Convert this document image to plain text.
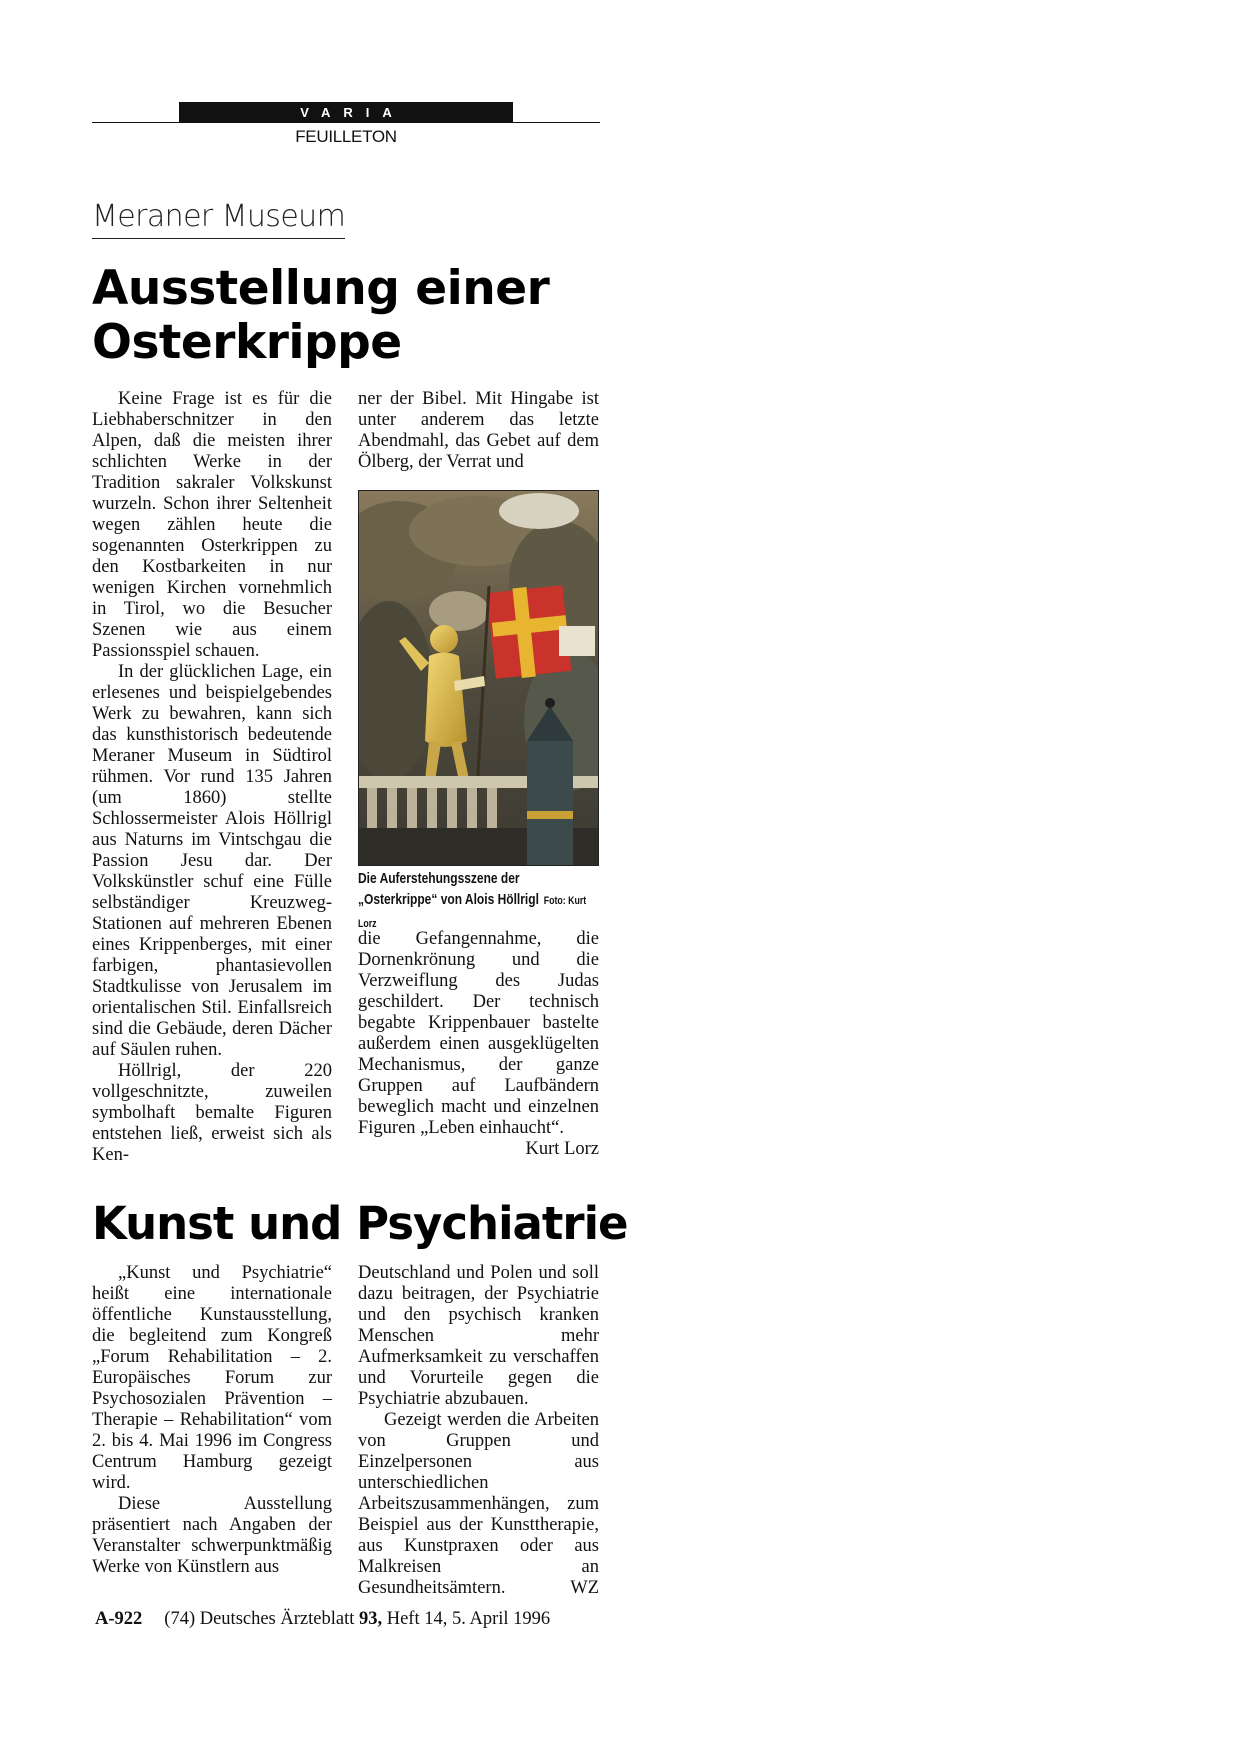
VARIA
FEUILLETON
Meraner Museum
Ausstellung einer
Osterkrippe

Keine Frage ist es für die Liebhaberschnitzer in den Alpen, daß die meisten ihrer schlichten Werke in der Tradition sakraler Volkskunst wurzeln. Schon ihrer Seltenheit wegen zählen heute die sogenannten Osterkrippen zu den Kostbarkeiten in nur wenigen Kirchen vornehmlich in Tirol, wo die Besucher Szenen wie aus einem Passionsspiel schauen.

In der glücklichen Lage, ein erlesenes und beispielgebendes Werk zu bewahren, kann sich das kunsthistorisch bedeutende Meraner Museum in Südtirol rühmen. Vor rund 135 Jahren (um 1860) stellte Schlossermeister Alois Höllrigl aus Naturns im Vintschgau die Passion Jesu dar. Der Volkskünstler schuf eine Fülle selbständiger Kreuzweg-Stationen auf mehreren Ebenen eines Krippenberges, mit einer farbigen, phantasievollen Stadtkulisse von Jerusalem im orientalischen Stil. Einfallsreich sind die Gebäude, deren Dächer auf Säulen ruhen.

Höllrigl, der 220 vollgeschnitzte, zuweilen symbolhaft bemalte Figuren entstehen ließ, erweist sich als Ken-

ner der Bibel. Mit Hingabe ist unter anderem das letzte Abendmahl, das Gebet auf dem Ölberg, der Verrat und

Die Auferstehungsszene der „Osterkrippe“ von Alois Höllrigl Foto: Kurt Lorz

die Gefangennahme, die Dornenkrönung und die Verzweiflung des Judas geschildert. Der technisch begabte Krippenbauer bastelte außerdem einen ausgeklügelten Mechanismus, der ganze Gruppen auf Laufbändern beweglich macht und einzelnen Figuren „Leben einhaucht“.
Kurt Lorz

Kunst und Psychiatrie

„Kunst und Psychiatrie“ heißt eine internationale öffentliche Kunstausstellung, die begleitend zum Kongreß „Forum Rehabilitation – 2. Europäisches Forum zur Psychosozialen Prävention – Therapie – Rehabilitation“ vom 2. bis 4. Mai 1996 im Congress Centrum Hamburg gezeigt wird.

Diese Ausstellung präsentiert nach Angaben der Veranstalter schwerpunktmäßig Werke von Künstlern aus

Deutschland und Polen und soll dazu beitragen, der Psychiatrie und den psychisch kranken Menschen mehr Aufmerksamkeit zu verschaffen und Vorurteile gegen die Psychiatrie abzubauen.

Gezeigt werden die Arbeiten von Gruppen und Einzelpersonen aus unterschiedlichen Arbeitszusammenhängen, zum Beispiel aus der Kunsttherapie, aus Kunstpraxen oder aus Malkreisen an Gesundheitsämtern.	WZ

A-922 (74) Deutsches Ärzteblatt 93, Heft 14, 5. April 1996
